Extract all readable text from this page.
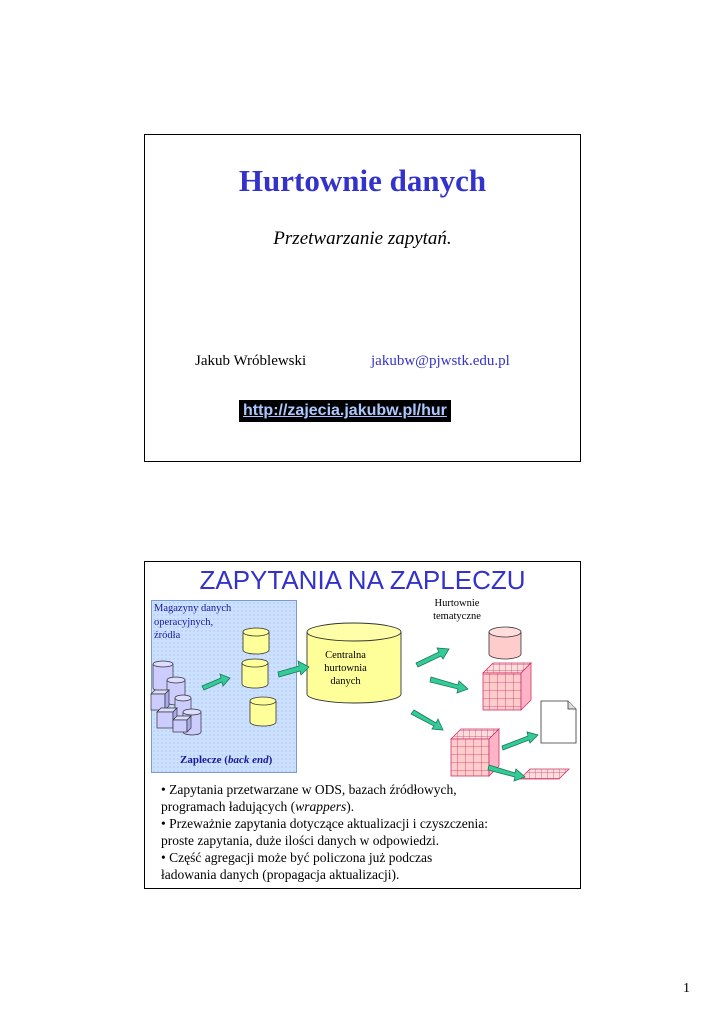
Hurtownie danych
Przetwarzanie zapytań.
Jakub Wróblewski	jakubw@pjwstk.edu.pl
http://zajecia.jakubw.pl/hur
ZAPYTANIA NA ZAPLECZU
Magazyny danych
operacyjnych,
źródła
Hurtownie
tematyczne
Centralna
hurtownia
danych
Zaplecze (back end)
• Zapytania przetwarzane w ODS, bazach źródłowych,
programach ładujących (wrappers).
• Przeważnie zapytania dotyczące aktualizacji i czyszczenia:
proste zapytania, duże ilości danych w odpowiedzi.
• Część agregacji może być policzona już podczas
ładowania danych (propagacja aktualizacji).
1
